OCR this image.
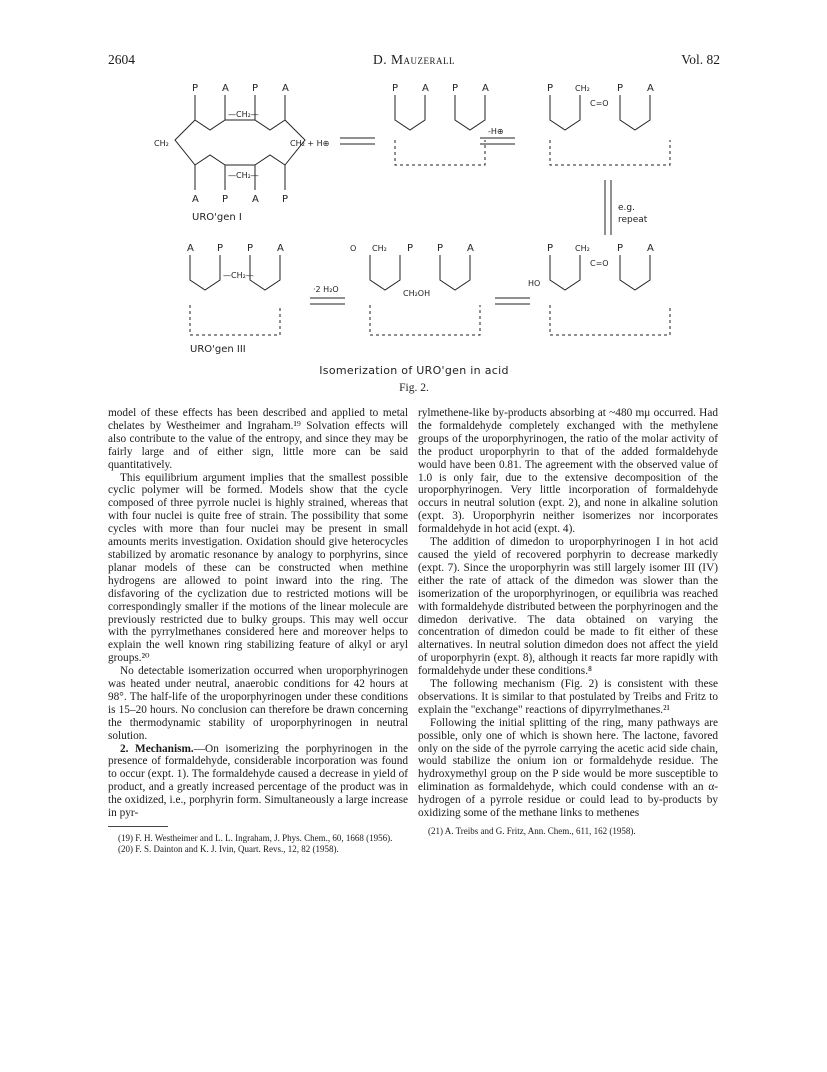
2604	D. Mauzerall	Vol. 82
P A P A
—CH₂—
—CH₂—
CH₂	CH₂ + H⊕
A P A P
URO'gen I
P A P A
-H⊕
P	CH₂	P A
C=O
e.g.
repeat
A P P A
—CH₂—
·2 H₂O
URO'gen III
O CH₂ P P A
CH₂OH
P	CH₂	P A
C=O
HO
Isomerization of URO'gen in acid
Fig. 2.

model of these effects has been described and applied to metal chelates by Westheimer and Ingraham.¹⁹ Solvation effects will also contribute to the value of the entropy, and since they may be fairly large and of either sign, little more can be said quantitatively.

This equilibrium argument implies that the smallest possible cyclic polymer will be formed. Models show that the cycle composed of three pyrrole nuclei is highly strained, whereas that with four nuclei is quite free of strain. The possibility that some cycles with more than four nuclei may be present in small amounts merits investigation. Oxidation should give heterocycles stabilized by aromatic resonance by analogy to porphyrins, since planar models of these can be constructed when methine hydrogens are allowed to point inward into the ring. The disfavoring of the cyclization due to restricted motions will be correspondingly smaller if the motions of the linear molecule are previously restricted due to bulky groups. This may well occur with the pyrrylmethanes considered here and moreover helps to explain the well known ring stabilizing feature of alkyl or aryl groups.²⁰

No detectable isomerization occurred when uroporphyrinogen was heated under neutral, anaerobic conditions for 42 hours at 98°. The half-life of the uroporphyrinogen under these conditions is 15–20 hours. No conclusion can therefore be drawn concerning the thermodynamic stability of uroporphyrinogen in neutral solution.

2. Mechanism.—On isomerizing the porphyrinogen in the presence of formaldehyde, considerable incorporation was found to occur (expt. 1). The formaldehyde caused a decrease in yield of product, and a greatly increased percentage of the product was in the oxidized, i.e., porphyrin form. Simultaneously a large increase in pyr-

(19) F. H. Westheimer and L. L. Ingraham, J. Phys. Chem., 60, 1668 (1956).
(20) F. S. Dainton and K. J. Ivin, Quart. Revs., 12, 82 (1958).

rylmethene-like by-products absorbing at ~480 mμ occurred. Had the formaldehyde completely exchanged with the methylene groups of the uroporphyrinogen, the ratio of the molar activity of the product uroporphyrin to that of the added formaldehyde would have been 0.81. The agreement with the observed value of 1.0 is only fair, due to the extensive decomposition of the uroporphyrinogen. Very little incorporation of formaldehyde occurs in neutral solution (expt. 2), and none in alkaline solution (expt. 3). Uroporphyrin neither isomerizes nor incorporates formaldehyde in hot acid (expt. 4).

The addition of dimedon to uroporphyrinogen I in hot acid caused the yield of recovered porphyrin to decrease markedly (expt. 7). Since the uroporphyrin was still largely isomer III (IV) either the rate of attack of the dimedon was slower than the isomerization of the uroporphyrinogen, or equilibria was reached with formaldehyde distributed between the porphyrinogen and the dimedon derivative. The data obtained on varying the concentration of dimedon could be made to fit either of these alternatives. In neutral solution dimedon does not affect the yield of uroporphyrin (expt. 8), although it reacts far more rapidly with formaldehyde under these conditions.⁸

The following mechanism (Fig. 2) is consistent with these observations. It is similar to that postulated by Treibs and Fritz to explain the "exchange" reactions of dipyrrylmethanes.²¹

Following the initial splitting of the ring, many pathways are possible, only one of which is shown here. The lactone, favored only on the side of the pyrrole carrying the acetic acid side chain, would stabilize the onium ion or formaldehyde residue. The hydroxymethyl group on the P side would be more susceptible to elimination as formaldehyde, which could condense with an α-hydrogen of a pyrrole residue or could lead to by-products by oxidizing some of the methane links to methenes

(21) A. Treibs and G. Fritz, Ann. Chem., 611, 162 (1958).
